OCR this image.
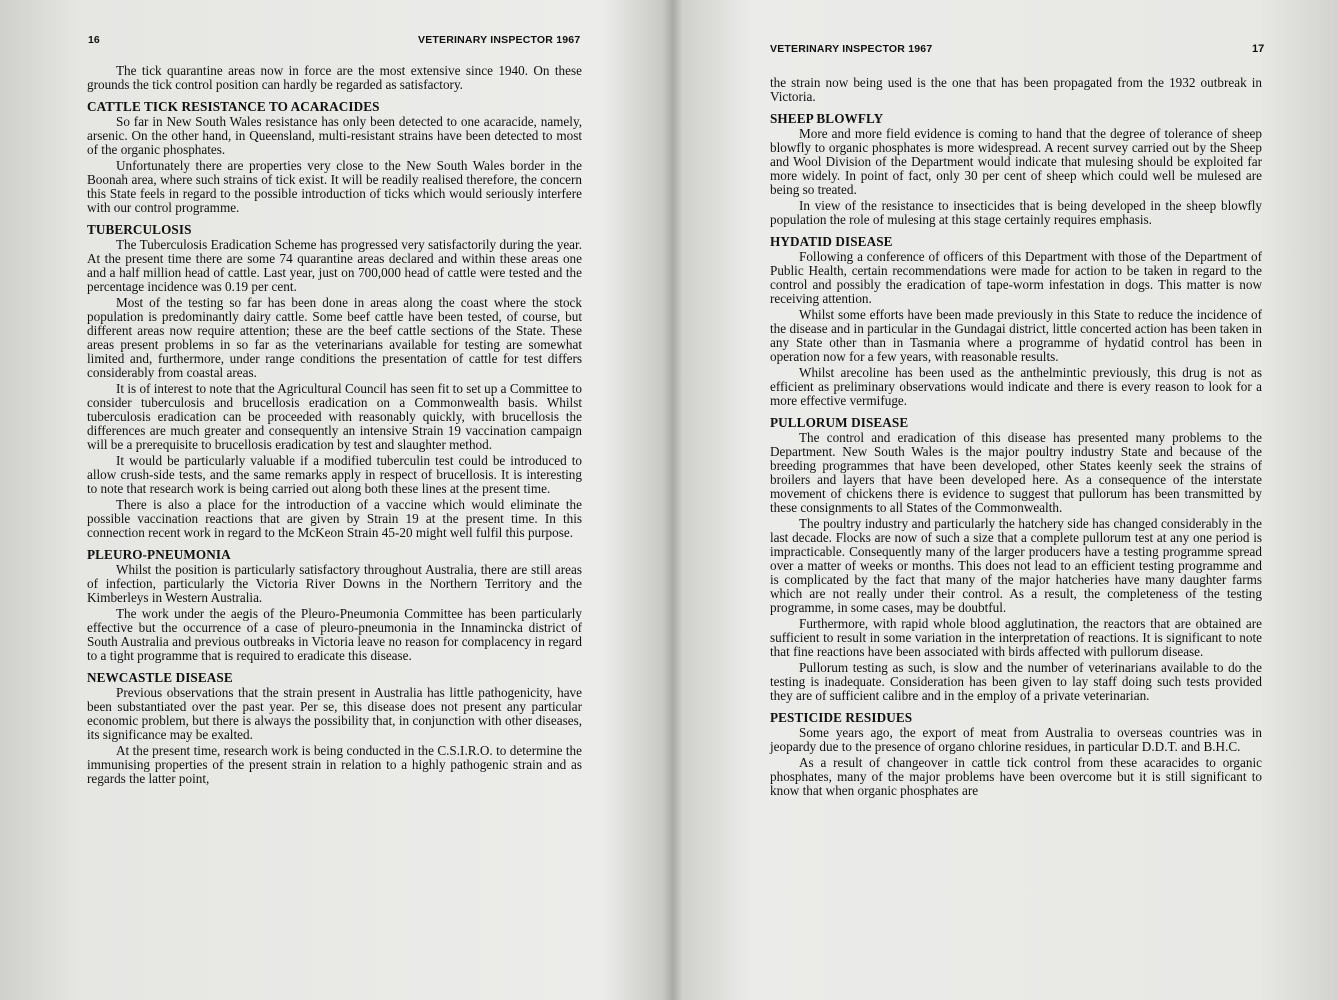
16	VETERINARY INSPECTOR 1967

The tick quarantine areas now in force are the most extensive since 1940. On these grounds the tick control position can hardly be regarded as satisfactory.

CATTLE TICK RESISTANCE TO ACARACIDES

So far in New South Wales resistance has only been detected to one acaracide, namely, arsenic. On the other hand, in Queensland, multi-resistant strains have been detected to most of the organic phosphates.

Unfortunately there are properties very close to the New South Wales border in the Boonah area, where such strains of tick exist. It will be readily realised therefore, the concern this State feels in regard to the possible introduction of ticks which would seriously interfere with our control programme.

TUBERCULOSIS

The Tuberculosis Eradication Scheme has progressed very satisfactorily during the year. At the present time there are some 74 quarantine areas declared and within these areas one and a half million head of cattle. Last year, just on 700,000 head of cattle were tested and the percentage incidence was 0.19 per cent.

Most of the testing so far has been done in areas along the coast where the stock population is predominantly dairy cattle. Some beef cattle have been tested, of course, but different areas now require attention; these are the beef cattle sections of the State. These areas present problems in so far as the veterinarians available for testing are somewhat limited and, furthermore, under range conditions the presentation of cattle for test differs considerably from coastal areas.

It is of interest to note that the Agricultural Council has seen fit to set up a Committee to consider tuberculosis and brucellosis eradication on a Commonwealth basis. Whilst tuberculosis eradication can be proceeded with reasonably quickly, with brucellosis the differences are much greater and consequently an intensive Strain 19 vaccination campaign will be a prerequisite to brucellosis eradication by test and slaughter method.

It would be particularly valuable if a modified tuberculin test could be introduced to allow crush-side tests, and the same remarks apply in respect of brucellosis. It is interesting to note that research work is being carried out along both these lines at the present time.

There is also a place for the introduction of a vaccine which would eliminate the possible vaccination reactions that are given by Strain 19 at the present time. In this connection recent work in regard to the McKeon Strain 45-20 might well fulfil this purpose.

PLEURO-PNEUMONIA

Whilst the position is particularly satisfactory throughout Australia, there are still areas of infection, particularly the Victoria River Downs in the Northern Territory and the Kimberleys in Western Australia.

The work under the aegis of the Pleuro-Pneumonia Committee has been particularly effective but the occurrence of a case of pleuro-pneumonia in the Innamincka district of South Australia and previous outbreaks in Victoria leave no reason for complacency in regard to a tight programme that is required to eradicate this disease.

NEWCASTLE DISEASE

Previous observations that the strain present in Australia has little pathogenicity, have been substantiated over the past year. Per se, this disease does not present any particular economic problem, but there is always the possibility that, in conjunction with other diseases, its significance may be exalted.

At the present time, research work is being conducted in the C.S.I.R.O. to determine the immunising properties of the present strain in relation to a highly pathogenic strain and as regards the latter point,

VETERINARY INSPECTOR 1967	17

the strain now being used is the one that has been propagated from the 1932 outbreak in Victoria.

SHEEP BLOWFLY

More and more field evidence is coming to hand that the degree of tolerance of sheep blowfly to organic phosphates is more widespread. A recent survey carried out by the Sheep and Wool Division of the Department would indicate that mulesing should be exploited far more widely. In point of fact, only 30 per cent of sheep which could well be mulesed are being so treated.

In view of the resistance to insecticides that is being developed in the sheep blowfly population the role of mulesing at this stage certainly requires emphasis.

HYDATID DISEASE

Following a conference of officers of this Department with those of the Department of Public Health, certain recommendations were made for action to be taken in regard to the control and possibly the eradication of tape-worm infestation in dogs. This matter is now receiving attention.

Whilst some efforts have been made previously in this State to reduce the incidence of the disease and in particular in the Gundagai district, little concerted action has been taken in any State other than in Tasmania where a programme of hydatid control has been in operation now for a few years, with reasonable results.

Whilst arecoline has been used as the anthelmintic previously, this drug is not as efficient as preliminary observations would indicate and there is every reason to look for a more effective vermifuge.

PULLORUM DISEASE

The control and eradication of this disease has presented many problems to the Department. New South Wales is the major poultry industry State and because of the breeding programmes that have been developed, other States keenly seek the strains of broilers and layers that have been developed here. As a consequence of the interstate movement of chickens there is evidence to suggest that pullorum has been transmitted by these consignments to all States of the Commonwealth.

The poultry industry and particularly the hatchery side has changed considerably in the last decade. Flocks are now of such a size that a complete pullorum test at any one period is impracticable. Consequently many of the larger producers have a testing programme spread over a matter of weeks or months. This does not lead to an efficient testing programme and is complicated by the fact that many of the major hatcheries have many daughter farms which are not really under their control. As a result, the completeness of the testing programme, in some cases, may be doubtful.

Furthermore, with rapid whole blood agglutination, the reactors that are obtained are sufficient to result in some variation in the interpretation of reactions. It is significant to note that fine reactions have been associated with birds affected with pullorum disease.

Pullorum testing as such, is slow and the number of veterinarians available to do the testing is inadequate. Consideration has been given to lay staff doing such tests provided they are of sufficient calibre and in the employ of a private veterinarian.

PESTICIDE RESIDUES

Some years ago, the export of meat from Australia to overseas countries was in jeopardy due to the presence of organo chlorine residues, in particular D.D.T. and B.H.C.

As a result of changeover in cattle tick control from these acaracides to organic phosphates, many of the major problems have been overcome but it is still significant to know that when organic phosphates are
